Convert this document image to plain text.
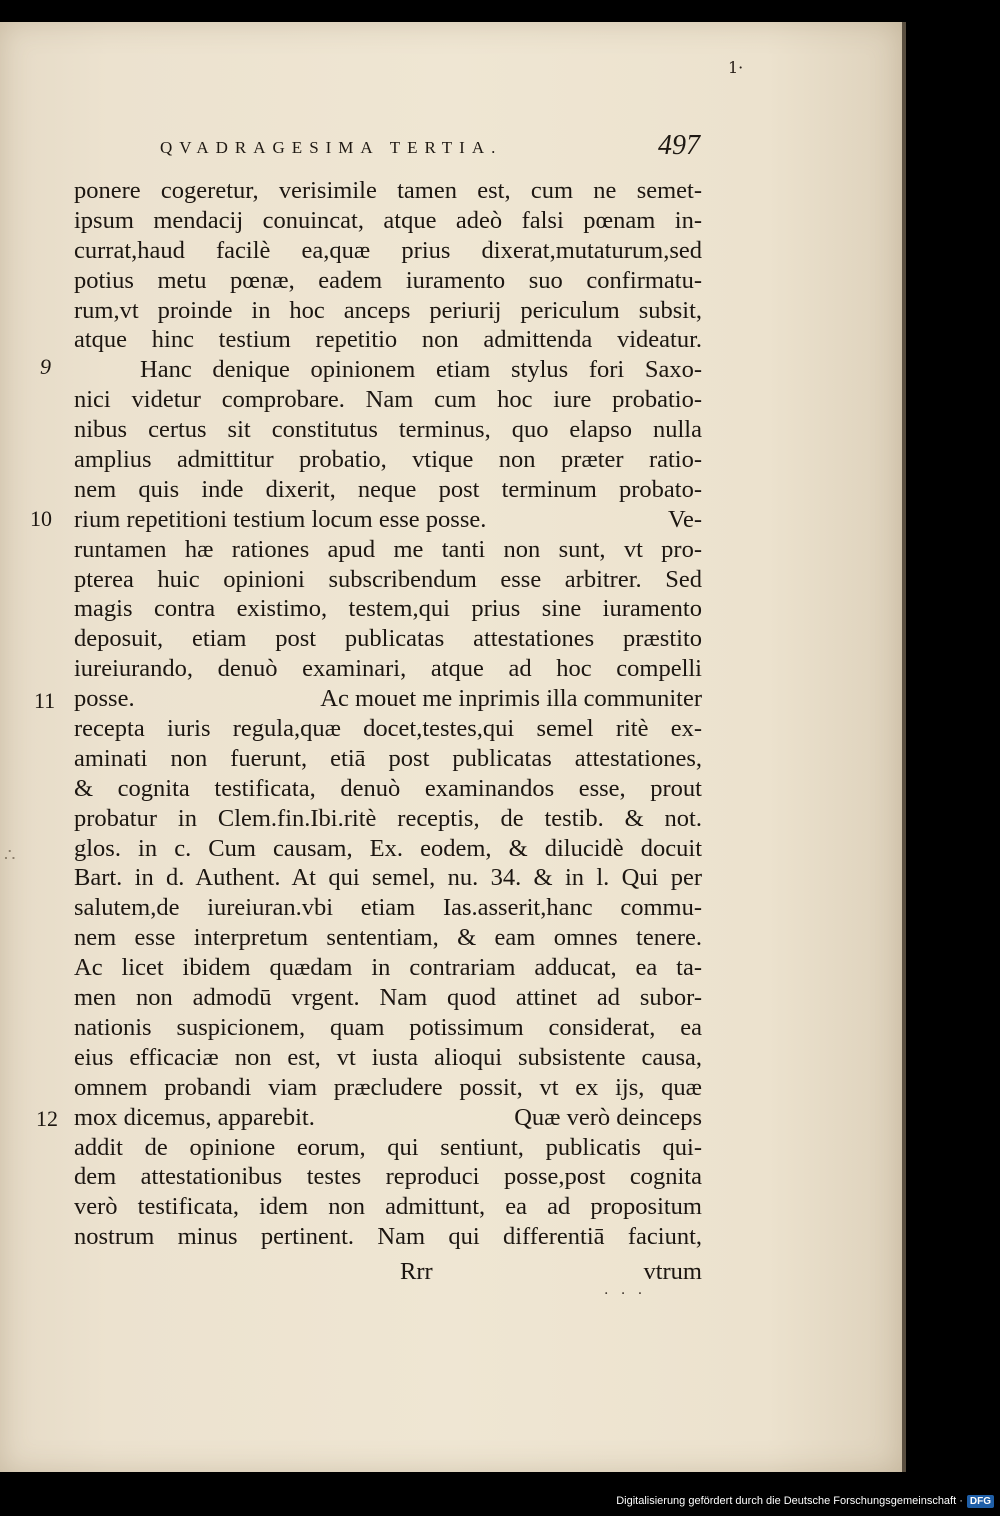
1·
QVADRAGESIMA TERTIA.	497
9
10
11
12
∴
ponere cogeretur, verisimile tamen est, cum ne semet-
ipsum mendacij conuincat, atque adeò falsi pœnam in-
currat,haud facilè ea,quæ prius dixerat,mutaturum,sed
potius metu pœnæ, eadem iuramento suo confirmatu-
rum,vt proinde in hoc anceps periurij periculum subsit,
atque hinc testium repetitio non admittenda videatur.
Hanc denique opinionem etiam stylus fori Saxo-
nici videtur comprobare. Nam cum hoc iure probatio-
nibus certus sit constitutus terminus, quo elapso nulla
amplius admittitur probatio, vtique non præter ratio-
nem quis inde dixerit, neque post terminum probato-
rium repetitioni testium locum esse posse.	Ve-
runtamen hæ rationes apud me tanti non sunt, vt pro-
pterea huic opinioni subscribendum esse arbitrer. Sed
magis contra existimo, testem,qui prius sine iuramento
deposuit, etiam post publicatas attestationes præstito
iureiurando, denuò examinari, atque ad hoc compelli
posse.	Ac mouet me inprimis illa communiter
recepta iuris regula,quæ docet,testes,qui semel ritè ex-
aminati non fuerunt, etiā post publicatas attestationes,
& cognita testificata, denuò examinandos esse, prout
probatur in Clem.fin.Ibi.ritè receptis, de testib. & not.
glos. in c. Cum causam, Ex. eodem, & dilucidè docuit
Bart. in d. Authent. At qui semel, nu. 34. & in l. Qui per
salutem,de iureiuran.vbi etiam Ias.asserit,hanc commu-
nem esse interpretum sententiam, & eam omnes tenere.
Ac licet ibidem quædam in contrariam adducat, ea ta-
men non admodū vrgent. Nam quod attinet ad subor-
nationis suspicionem, quam potissimum considerat, ea
eius efficaciæ non est, vt iusta alioqui subsistente causa,
omnem probandi viam præcludere possit, vt ex ijs, quæ
mox dicemus, apparebit.	Quæ verò deinceps
addit de opinione eorum, qui sentiunt, publicatis qui-
dem attestationibus testes reproduci posse,post cognita
verò testificata, idem non admittunt, ea ad propositum
nostrum minus pertinent. Nam qui differentiā faciunt,
Rrr	vtrum
· · ·
Digitalisierung gefördert durch die Deutsche Forschungsgemeinschaft · DFG
